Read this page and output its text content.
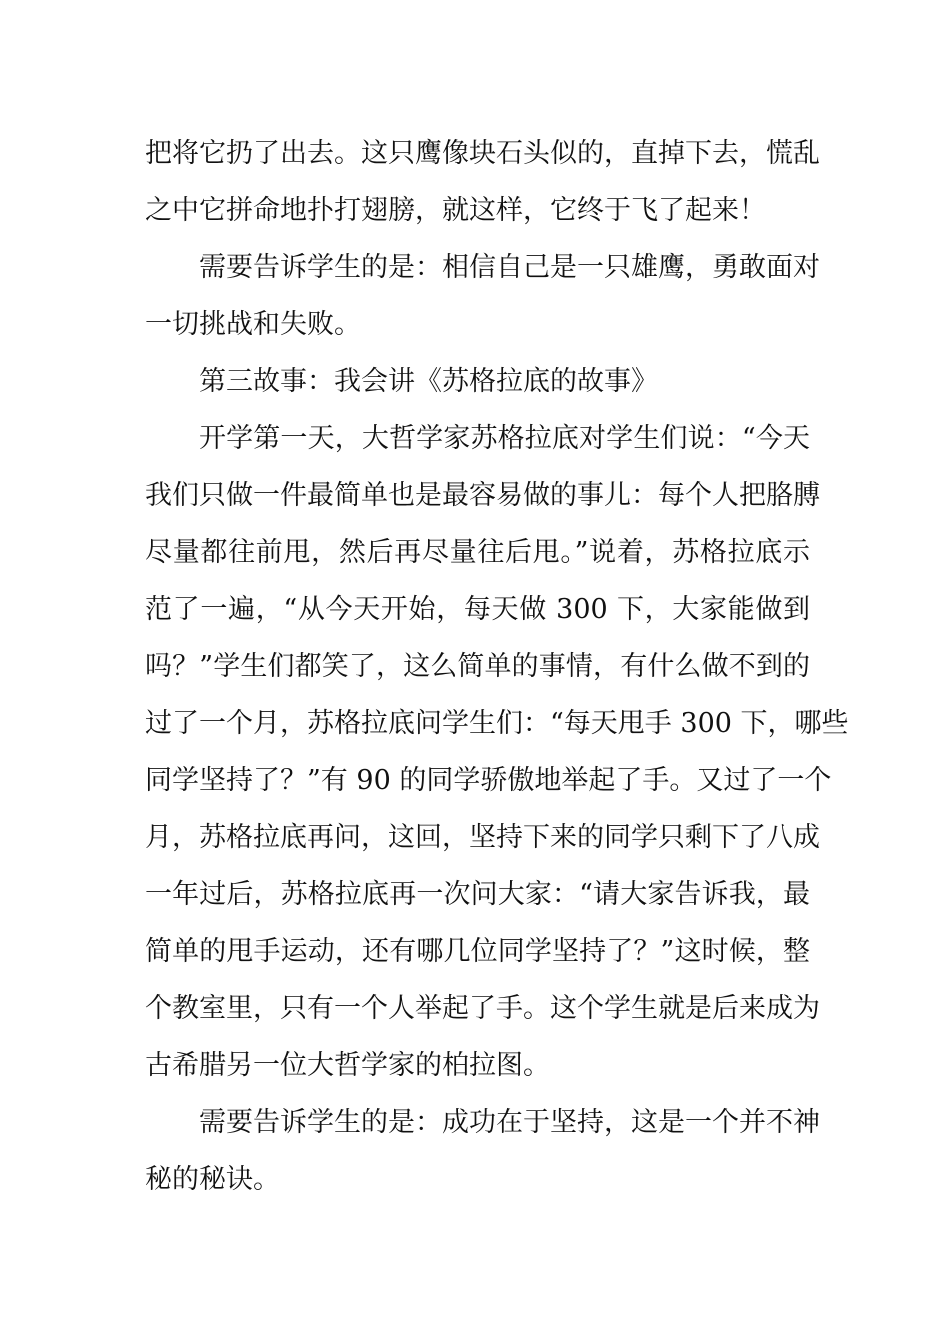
把将它扔了出去。这只鹰像块石头似的，直掉下去，慌乱
之中它拼命地扑打翅膀，就这样，它终于飞了起来！
需要告诉学生的是：相信自己是一只雄鹰，勇敢面对
一切挑战和失败。
第三故事：我会讲《苏格拉底的故事》
开学第一天，大哲学家苏格拉底对学生们说：“今天
我们只做一件最简单也是最容易做的事儿：每个人把胳膊
尽量都往前甩，然后再尽量往后甩。”说着，苏格拉底示
范了一遍，“从今天开始，每天做 300 下，大家能做到
吗？”学生们都笑了，这么简单的事情，有什么做不到的
过了一个月，苏格拉底问学生们：“每天甩手 300 下，哪些
同学坚持了？”有 90 的同学骄傲地举起了手。又过了一个
月，苏格拉底再问，这回，坚持下来的同学只剩下了八成
一年过后，苏格拉底再一次问大家：“请大家告诉我，最
简单的甩手运动，还有哪几位同学坚持了？”这时候，整
个教室里，只有一个人举起了手。这个学生就是后来成为
古希腊另一位大哲学家的柏拉图。
需要告诉学生的是：成功在于坚持，这是一个并不神
秘的秘诀。
